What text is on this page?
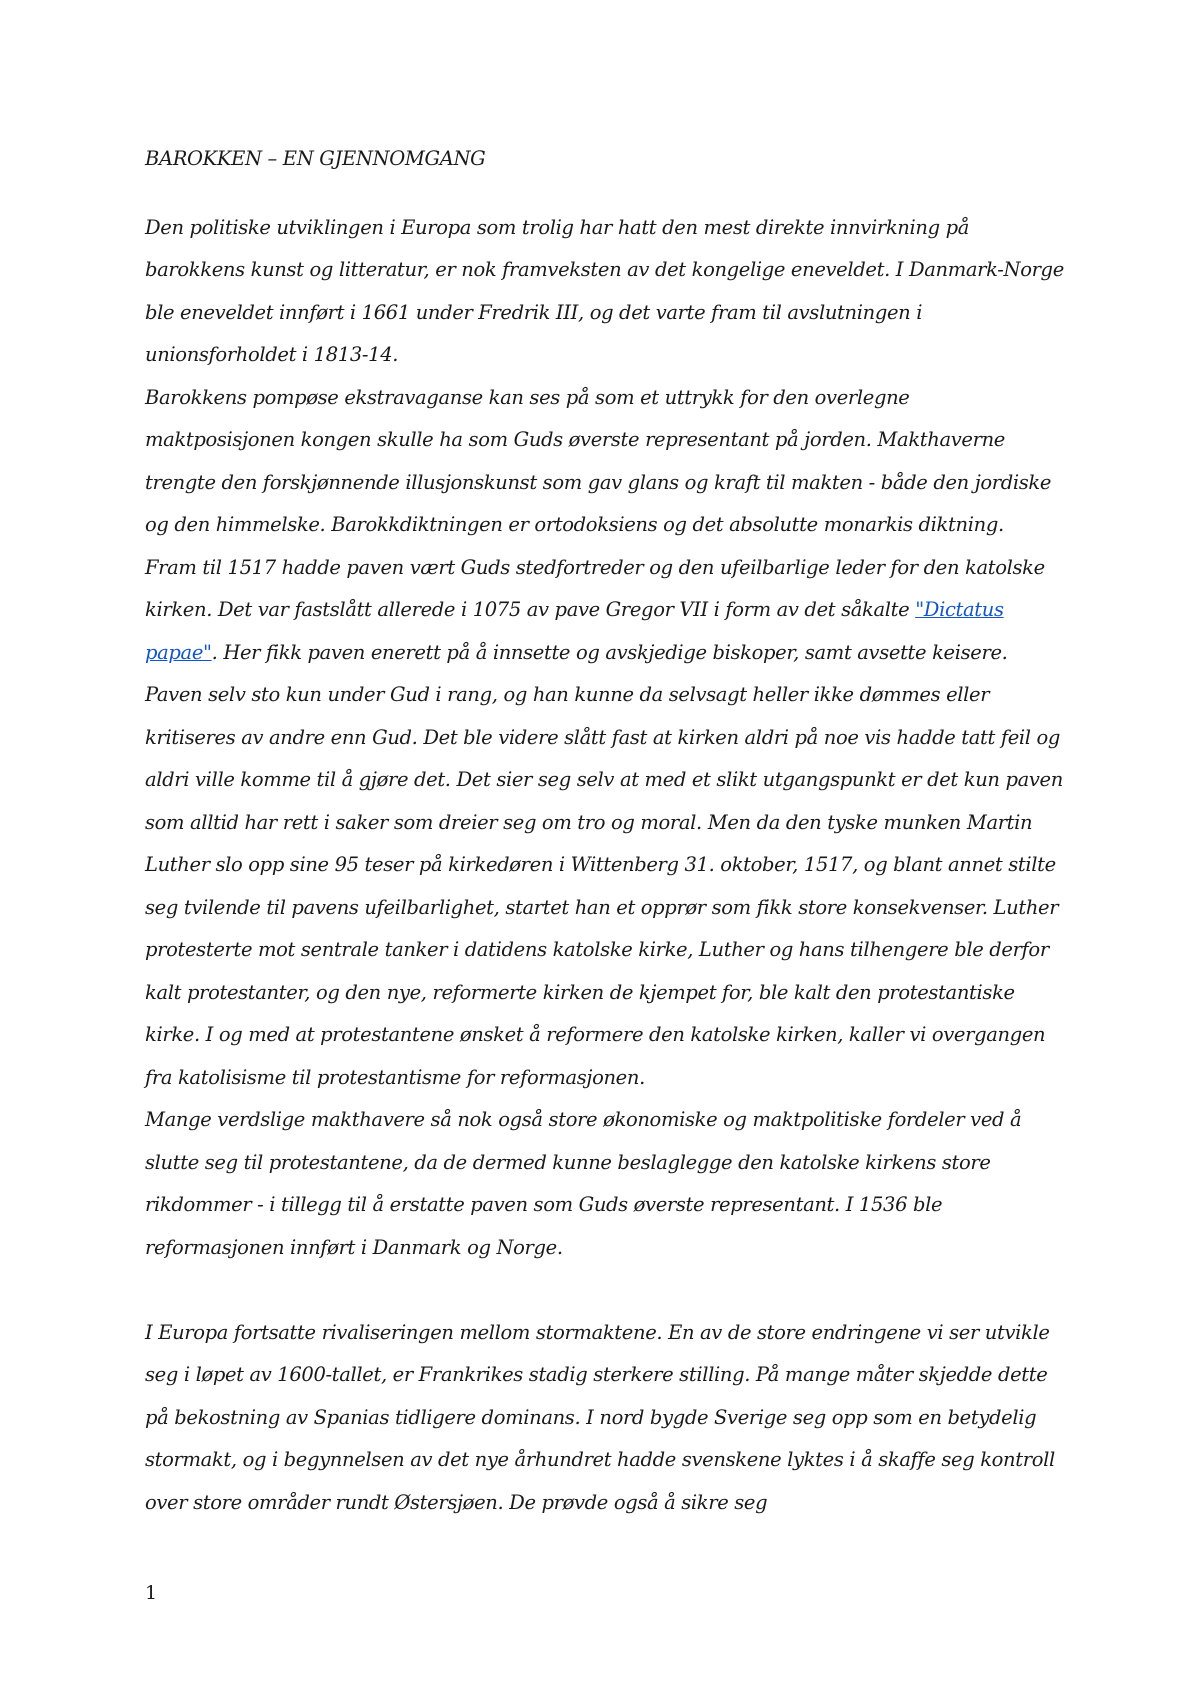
BAROKKEN – EN GJENNOMGANG

Den politiske utviklingen i Europa som trolig har hatt den mest direkte innvirkning på barokkens kunst og litteratur, er nok framveksten av det kongelige eneveldet. I Danmark-Norge ble eneveldet innført i 1661 under Fredrik III, og det varte fram til avslutningen i unionsforholdet i 1813-14.

Barokkens pompøse ekstravaganse kan ses på som et uttrykk for den overlegne maktposisjonen kongen skulle ha som Guds øverste representant på jorden. Makthaverne trengte den forskjønnende illusjonskunst som gav glans og kraft til makten - både den jordiske og den himmelske. Barokkdiktningen er ortodoksiens og det absolutte monarkis diktning.

Fram til 1517 hadde paven vært Guds stedfortreder og den ufeilbarlige leder for den katolske kirken. Det var fastslått allerede i 1075 av pave Gregor VII i form av det såkalte "Dictatus papae". Her fikk paven enerett på å innsette og avskjedige biskoper, samt avsette keisere. Paven selv sto kun under Gud i rang, og han kunne da selvsagt heller ikke dømmes eller kritiseres av andre enn Gud. Det ble videre slått fast at kirken aldri på noe vis hadde tatt feil og aldri ville komme til å gjøre det. Det sier seg selv at med et slikt utgangspunkt er det kun paven som alltid har rett i saker som dreier seg om tro og moral. Men da den tyske munken Martin Luther slo opp sine 95 teser på kirkedøren i Wittenberg 31. oktober, 1517, og blant annet stilte seg tvilende til pavens ufeilbarlighet, startet han et opprør som fikk store konsekvenser. Luther protesterte mot sentrale tanker i datidens katolske kirke, Luther og hans tilhengere ble derfor kalt protestanter, og den nye, reformerte kirken de kjempet for, ble kalt den protestantiske kirke. I og med at protestantene ønsket å reformere den katolske kirken, kaller vi overgangen fra katolisisme til protestantisme for reformasjonen.

Mange verdslige makthavere så nok også store økonomiske og maktpolitiske fordeler ved å slutte seg til protestantene, da de dermed kunne beslaglegge den katolske kirkens store rikdommer - i tillegg til å erstatte paven som Guds øverste representant. I 1536 ble reformasjonen innført i Danmark og Norge.

I Europa fortsatte rivaliseringen mellom stormaktene. En av de store endringene vi ser utvikle seg i løpet av 1600-tallet, er Frankrikes stadig sterkere stilling. På mange måter skjedde dette på bekostning av Spanias tidligere dominans. I nord bygde Sverige seg opp som en betydelig stormakt, og i begynnelsen av det nye århundret hadde svenskene lyktes i å skaffe seg kontroll over store områder rundt Østersjøen. De prøvde også å sikre seg

1
